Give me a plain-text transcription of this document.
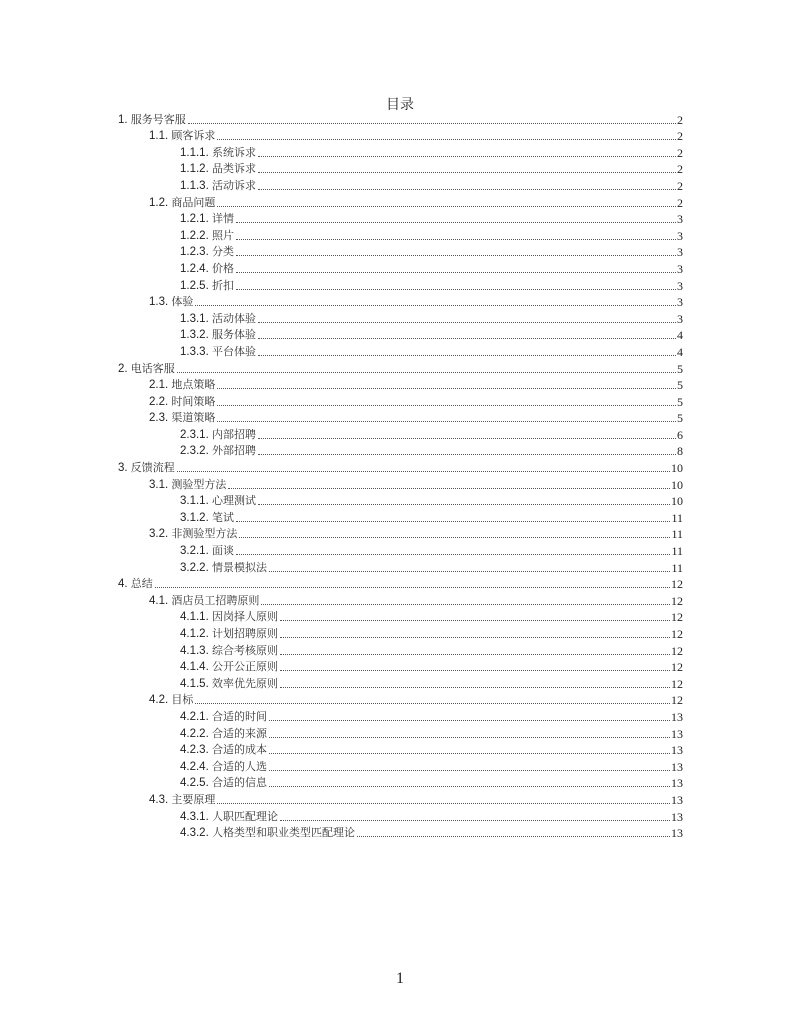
目录
1. 服务号客服	2
1.1. 顾客诉求	2
1.1.1. 系统诉求	2
1.1.2. 品类诉求	2
1.1.3. 活动诉求	2
1.2. 商品问题	2
1.2.1. 详情	3
1.2.2. 照片	3
1.2.3. 分类	3
1.2.4. 价格	3
1.2.5. 折扣	3
1.3. 体验	3
1.3.1. 活动体验	3
1.3.2. 服务体验	4
1.3.3. 平台体验	4
2. 电话客服	5
2.1. 地点策略	5
2.2. 时间策略	5
2.3. 渠道策略	5
2.3.1. 内部招聘	6
2.3.2. 外部招聘	8
3. 反馈流程	10
3.1. 测验型方法	10
3.1.1. 心理测试	10
3.1.2. 笔试	11
3.2. 非测验型方法	11
3.2.1. 面谈	11
3.2.2. 情景模拟法	11
4. 总结	12
4.1. 酒店员工招聘原则	12
4.1.1. 因岗择人原则	12
4.1.2. 计划招聘原则	12
4.1.3. 综合考核原则	12
4.1.4. 公开公正原则	12
4.1.5. 效率优先原则	12
4.2. 目标	12
4.2.1. 合适的时间	13
4.2.2. 合适的来源	13
4.2.3. 合适的成本	13
4.2.4. 合适的人选	13
4.2.5. 合适的信息	13
4.3. 主要原理	13
4.3.1. 人职匹配理论	13
4.3.2. 人格类型和职业类型匹配理论	13
1
